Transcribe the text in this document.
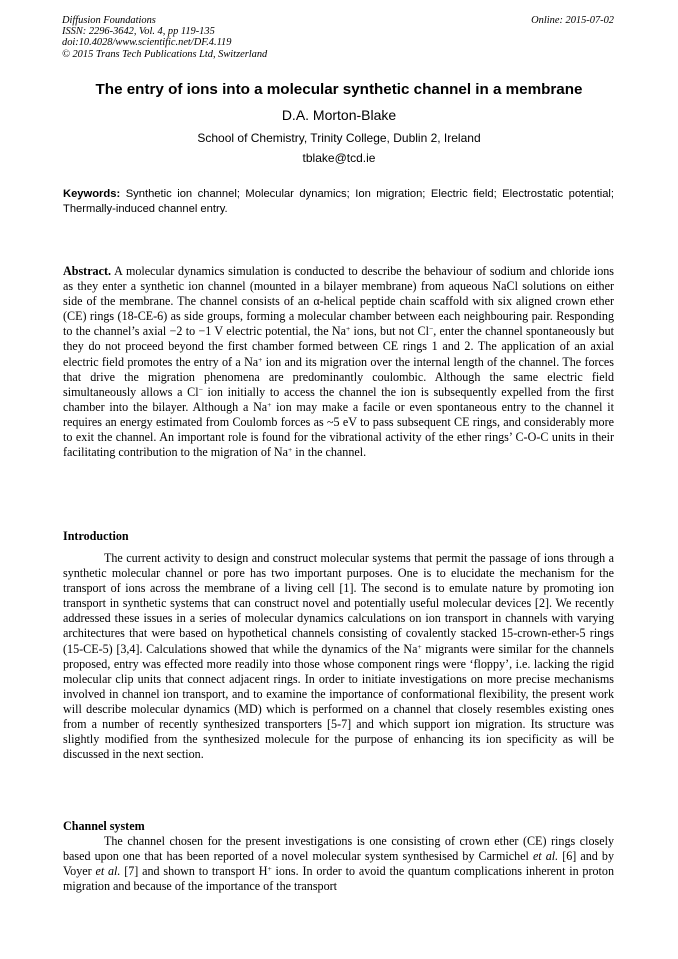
Diffusion Foundations
ISSN: 2296-3642, Vol. 4, pp 119-135
doi:10.4028/www.scientific.net/DF.4.119
© 2015 Trans Tech Publications Ltd, Switzerland
Online: 2015-07-02
The entry of ions into a molecular synthetic channel in a membrane
D.A. Morton-Blake
School of Chemistry, Trinity College, Dublin 2, Ireland
tblake@tcd.ie
Keywords: Synthetic ion channel; Molecular dynamics; Ion migration; Electric field; Electrostatic potential; Thermally-induced channel entry.

Abstract. A molecular dynamics simulation is conducted to describe the behaviour of sodium and chloride ions as they enter a synthetic ion channel (mounted in a bilayer membrane) from aqueous NaCl solutions on either side of the membrane. The channel consists of an α-helical peptide chain scaffold with six aligned crown ether (CE) rings (18-CE-6) as side groups, forming a molecular chamber between each neighbouring pair. Responding to the channel’s axial −2 to −1 V electric potential, the Na+ ions, but not Cl−, enter the channel spontaneously but they do not proceed beyond the first chamber formed between CE rings 1 and 2. The application of an axial electric field promotes the entry of a Na+ ion and its migration over the internal length of the channel. The forces that drive the migration phenomena are predominantly coulombic. Although the same electric field simultaneously allows a Cl− ion initially to access the channel the ion is subsequently expelled from the first chamber into the bilayer. Although a Na+ ion may make a facile or even spontaneous entry to the channel it requires an energy estimated from Coulomb forces as ~5 eV to pass subsequent CE rings, and considerably more to exit the channel. An important role is found for the vibrational activity of the ether rings’ C-O-C units in their facilitating contribution to the migration of Na+ in the channel.

Introduction

The current activity to design and construct molecular systems that permit the passage of ions through a synthetic molecular channel or pore has two important purposes. One is to elucidate the mechanism for the transport of ions across the membrane of a living cell [1]. The second is to emulate nature by promoting ion transport in synthetic systems that can construct novel and potentially useful molecular devices [2]. We recently addressed these issues in a series of molecular dynamics calculations on ion transport in channels with varying architectures that were based on hypothetical channels consisting of covalently stacked 15-crown-ether-5 rings (15-CE-5) [3,4]. Calculations showed that while the dynamics of the Na+ migrants were similar for the channels proposed, entry was effected more readily into those whose component rings were ‘floppy’, i.e. lacking the rigid molecular clip units that connect adjacent rings. In order to initiate investigations on more precise mechanisms involved in channel ion transport, and to examine the importance of conformational flexibility, the present work will describe molecular dynamics (MD) which is performed on a channel that closely resembles existing ones from a number of recently synthesized transporters [5-7] and which support ion migration. Its structure was slightly modified from the synthesized molecule for the purpose of enhancing its ion specificity as will be discussed in the next section.

Channel system

The channel chosen for the present investigations is one consisting of crown ether (CE) rings closely based upon one that has been reported of a novel molecular system synthesised by Carmichel et al. [6] and by Voyer et al. [7] and shown to transport H+ ions. In order to avoid the quantum complications inherent in proton migration and because of the importance of the transport
